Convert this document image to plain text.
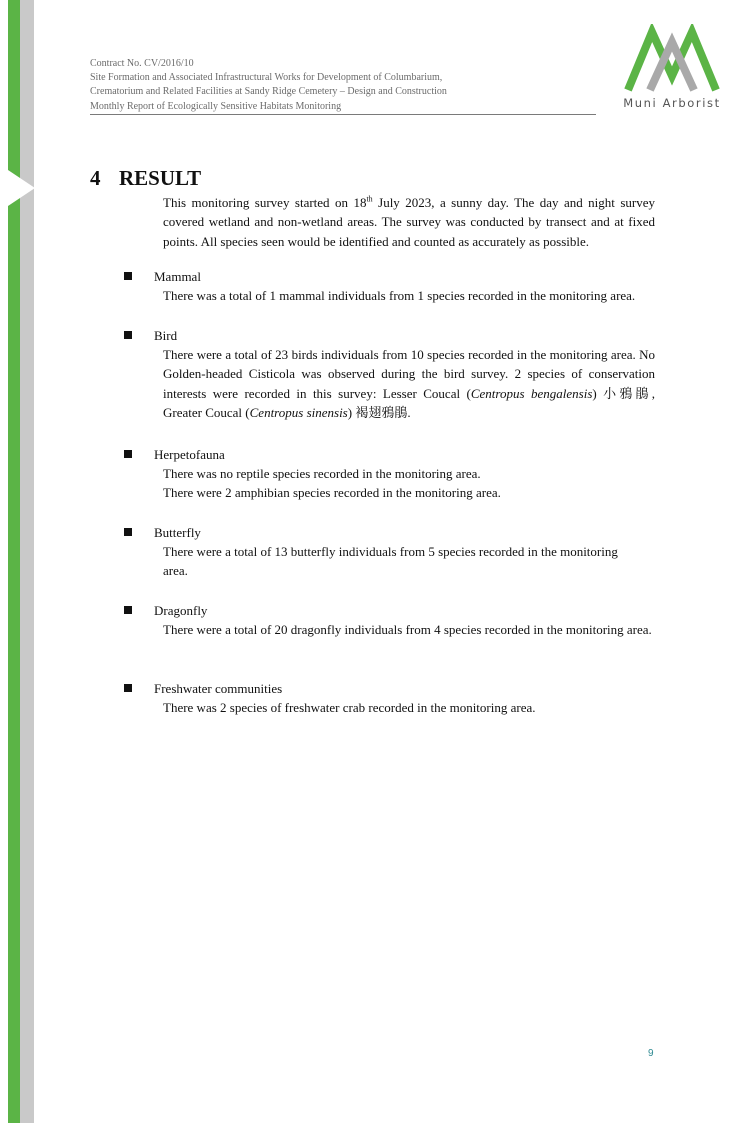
Contract No. CV/2016/10
Site Formation and Associated Infrastructural Works for Development of Columbarium,
Crematorium and Related Facilities at Sandy Ridge Cemetery – Design and Construction
Monthly Report of Ecologically Sensitive Habitats Monitoring	Muni Arborist
4 RESULT

This monitoring survey started on 18th July 2023, a sunny day. The day and night survey covered wetland and non-wetland areas. The survey was conducted by transect and at fixed points. All species seen would be identified and counted as accurately as possible.

Mammal

There was a total of 1 mammal individuals from 1 species recorded in the monitoring area.

Bird

There were a total of 23 birds individuals from 10 species recorded in the monitoring area. No Golden-headed Cisticola was observed during the bird survey. 2 species of conservation interests were recorded in this survey: Lesser Coucal (Centropus bengalensis) 小鴉鵑, Greater Coucal (Centropus sinensis) 褐翅鴉鵑.

Herpetofauna

There was no reptile species recorded in the monitoring area.

There were 2 amphibian species recorded in the monitoring area.

Butterfly

There were a total of 13 butterfly individuals from 5 species recorded in the monitoring area.

Dragonfly

There were a total of 20 dragonfly individuals from 4 species recorded in the monitoring area.

Freshwater communities

There was 2 species of freshwater crab recorded in the monitoring area.

9
